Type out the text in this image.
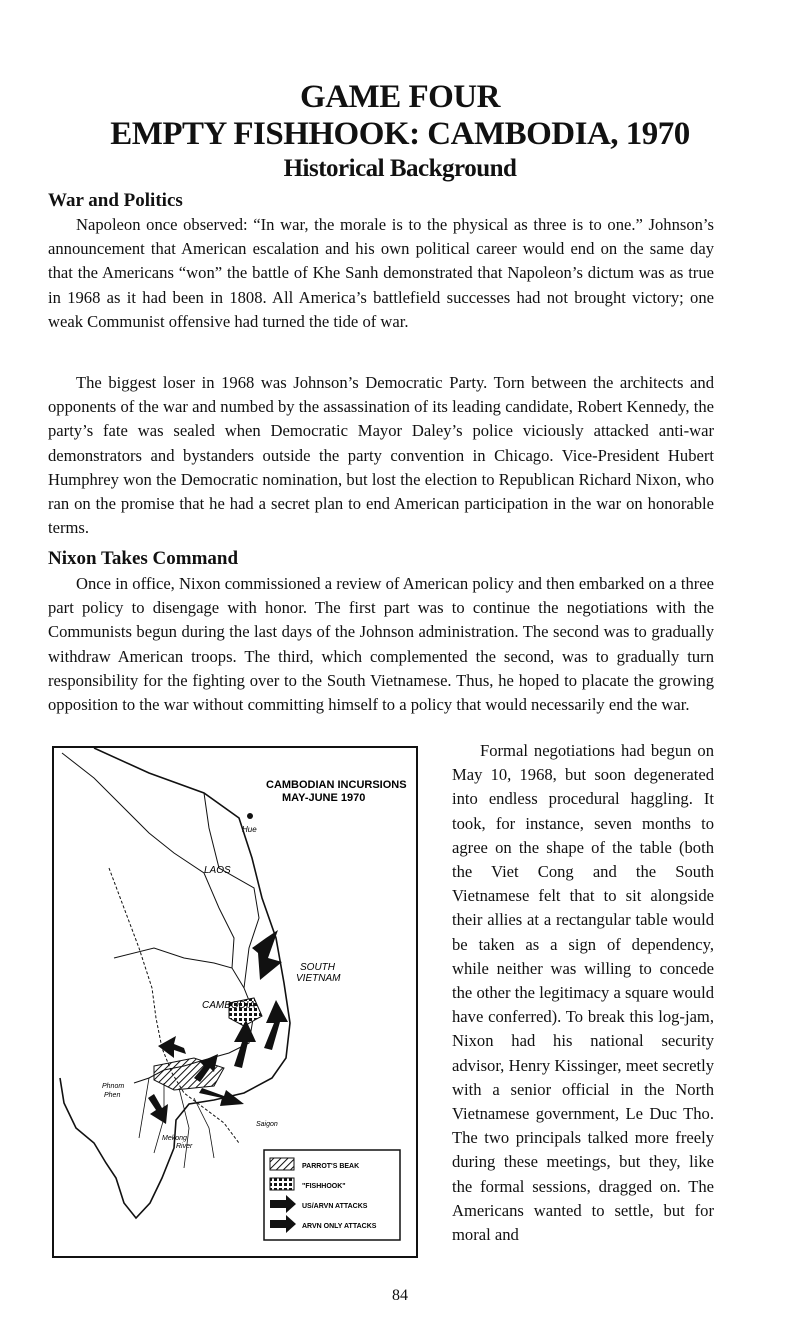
GAME FOUR
EMPTY FISHHOOK: CAMBODIA, 1970
Historical Background
War and Politics

Napoleon once observed: “In war, the morale is to the physical as three is to one.” Johnson’s announcement that American escalation and his own political career would end on the same day that the Americans “won” the battle of Khe Sanh demonstrated that Napoleon’s dictum was as true in 1968 as it had been in 1808. All America’s battlefield successes had not brought victory; one weak Communist offensive had turned the tide of war.

The biggest loser in 1968 was Johnson’s Democratic Party. Torn between the architects and opponents of the war and numbed by the assassination of its leading candidate, Robert Kennedy, the party’s fate was sealed when Democratic Mayor Daley’s police viciously attacked anti-war demonstrators and bystanders outside the party convention in Chicago. Vice-President Hubert Humphrey won the Democratic nomination, but lost the election to Republican Richard Nixon, who ran on the promise that he had a secret plan to end American participation in the war on honorable terms.

Nixon Takes Command

Once in office, Nixon commissioned a review of American policy and then embarked on a three part policy to disengage with honor. The first part was to continue the negotiations with the Communists begun during the last days of the Johnson administration. The second was to gradually withdraw American troops. The third, which complemented the second, was to gradually turn responsibility for the fighting over to the South Vietnamese. Thus, he hoped to placate the growing opposition to the war without committing himself to a policy that would necessarily end the war.

Formal negotiations had begun on May 10, 1968, but soon degenerated into endless procedural haggling. It took, for instance, seven months to agree on the shape of the table (both the Viet Cong and the South Vietnamese felt that to sit alongside their allies at a rectangular table would be taken as a sign of dependency, while neither was willing to concede the other the legitimacy a square would have conferred). To break this log-jam, Nixon had his national security advisor, Henry Kissinger, meet secretly with a senior official in the North Vietnamese government, Le Duc Tho. The two principals talked more freely during these meetings, but they, like the formal sessions, dragged on. The Americans wanted to settle, but for moral and

CAMBODIAN INCURSIONS
MAY-JUNE 1970
Hue
LAOS
SOUTH
VIETNAM
CAMBODIA
Phnom
Phen
Saigon
Mekong
River
PARROT'S BEAK
"FISHHOOK"
US/ARVN ATTACKS
ARVN ONLY ATTACKS

84
